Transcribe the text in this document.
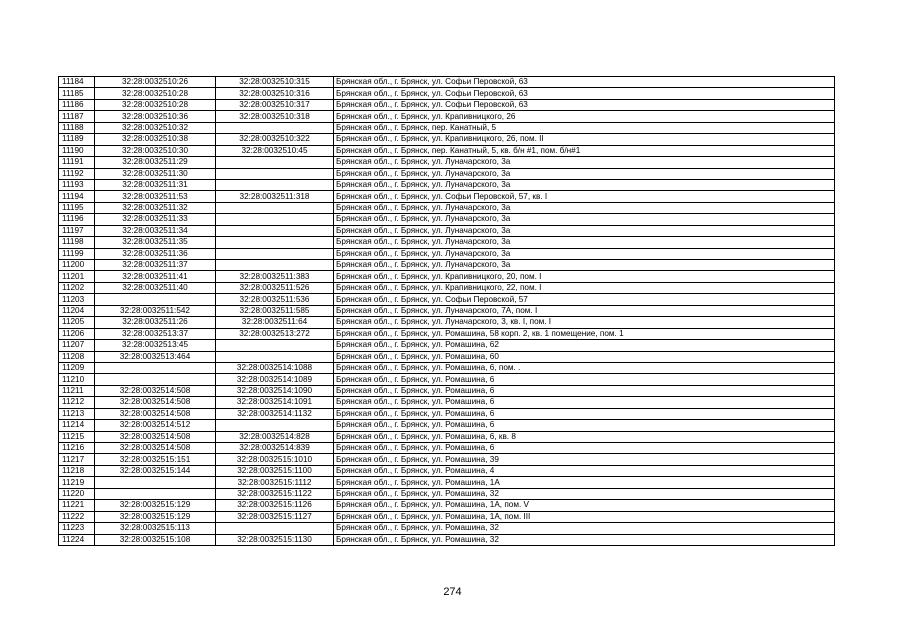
11184	32:28:0032510:26	32:28:0032510:315	Брянская обл., г. Брянск, ул. Софьи Перовской, 63
11185	32:28:0032510:28	32:28:0032510:316	Брянская обл., г. Брянск, ул. Софьи Перовской, 63
11186	32:28:0032510:28	32:28:0032510:317	Брянская обл., г. Брянск, ул. Софьи Перовской, 63
11187	32:28:0032510:36	32:28:0032510:318	Брянская обл., г. Брянск, ул. Крапивницкого, 26
11188	32:28:0032510:32		Брянская обл., г. Брянск, пер. Канатный, 5
11189	32:28:0032510:38	32:28:0032510:322	Брянская обл., г. Брянск, ул. Крапивницкого, 26, пом. II
11190	32:28:0032510:30	32:28:0032510:45	Брянская обл., г. Брянск, пер. Канатный, 5, кв. б/н #1, пом. б/н#1
11191	32:28:0032511:29		Брянская обл., г. Брянск, ул. Луначарского, 3а
11192	32:28:0032511:30		Брянская обл., г. Брянск, ул. Луначарского, 3а
11193	32:28:0032511:31		Брянская обл., г. Брянск, ул. Луначарского, 3а
11194	32:28:0032511:53	32:28:0032511:318	Брянская обл., г. Брянск, ул. Софьи Перовской, 57, кв. I
11195	32:28:0032511:32		Брянская обл., г. Брянск, ул. Луначарского, 3а
11196	32:28:0032511:33		Брянская обл., г. Брянск, ул. Луначарского, 3а
11197	32:28:0032511:34		Брянская обл., г. Брянск, ул. Луначарского, 3а
11198	32:28:0032511:35		Брянская обл., г. Брянск, ул. Луначарского, 3а
11199	32:28:0032511:36		Брянская обл., г. Брянск, ул. Луначарского, 3а
11200	32:28:0032511:37		Брянская обл., г. Брянск, ул. Луначарского, 3а
11201	32:28:0032511:41	32:28:0032511:383	Брянская обл., г. Брянск, ул. Крапивницкого, 20, пом. I
11202	32:28:0032511:40	32:28:0032511:526	Брянская обл., г. Брянск, ул. Крапивницкого, 22, пом. I
11203		32:28:0032511:536	Брянская обл., г. Брянск, ул. Софьи Перовской, 57
11204	32:28:0032511:542	32:28:0032511:585	Брянская обл., г. Брянск, ул. Луначарского, 7А, пом. I
11205	32:28:0032511:26	32:28:0032511:64	Брянская обл., г. Брянск, ул. Луначарского, 3, кв. I, пом. I
11206	32:28:0032513:37	32:28:0032513:272	Брянская обл., г. Брянск, ул. Ромашина, 58 корп. 2, кв. 1 помещение, пом. 1
11207	32:28:0032513:45		Брянская обл., г. Брянск, ул. Ромашина, 62
11208	32:28:0032513:464		Брянская обл., г. Брянск, ул. Ромашина, 60
11209		32:28:0032514:1088	Брянская обл., г. Брянск, ул. Ромашина, 6, пом. .
11210		32:28:0032514:1089	Брянская обл., г. Брянск, ул. Ромашина, 6
11211	32:28:0032514:508	32:28:0032514:1090	Брянская обл., г. Брянск, ул. Ромашина, 6
11212	32:28:0032514:508	32:28:0032514:1091	Брянская обл., г. Брянск, ул. Ромашина, 6
11213	32:28:0032514:508	32:28:0032514:1132	Брянская обл., г. Брянск, ул. Ромашина, 6
11214	32:28:0032514:512		Брянская обл., г. Брянск, ул. Ромашина, 6
11215	32:28:0032514:508	32:28:0032514:828	Брянская обл., г. Брянск, ул. Ромашина, 6, кв. 8
11216	32:28:0032514:508	32:28:0032514:839	Брянская обл., г. Брянск, ул. Ромашина, 6
11217	32:28:0032515:151	32:28:0032515:1010	Брянская обл., г. Брянск, ул. Ромашина, 39
11218	32:28:0032515:144	32:28:0032515:1100	Брянская обл., г. Брянск, ул. Ромашина, 4
11219		32:28:0032515:1112	Брянская обл., г. Брянск, ул. Ромашина, 1А
11220		32:28:0032515:1122	Брянская обл., г. Брянск, ул. Ромашина, 32
11221	32:28:0032515:129	32:28:0032515:1126	Брянская обл., г. Брянск, ул. Ромашина, 1А, пом. V
11222	32:28:0032515:129	32:28:0032515:1127	Брянская обл., г. Брянск, ул. Ромашина, 1А, пом. III
11223	32:28:0032515:113		Брянская обл., г. Брянск, ул. Ромашина, 32
11224	32:28:0032515:108	32:28:0032515:1130	Брянская обл., г. Брянск, ул. Ромашина, 32
274
